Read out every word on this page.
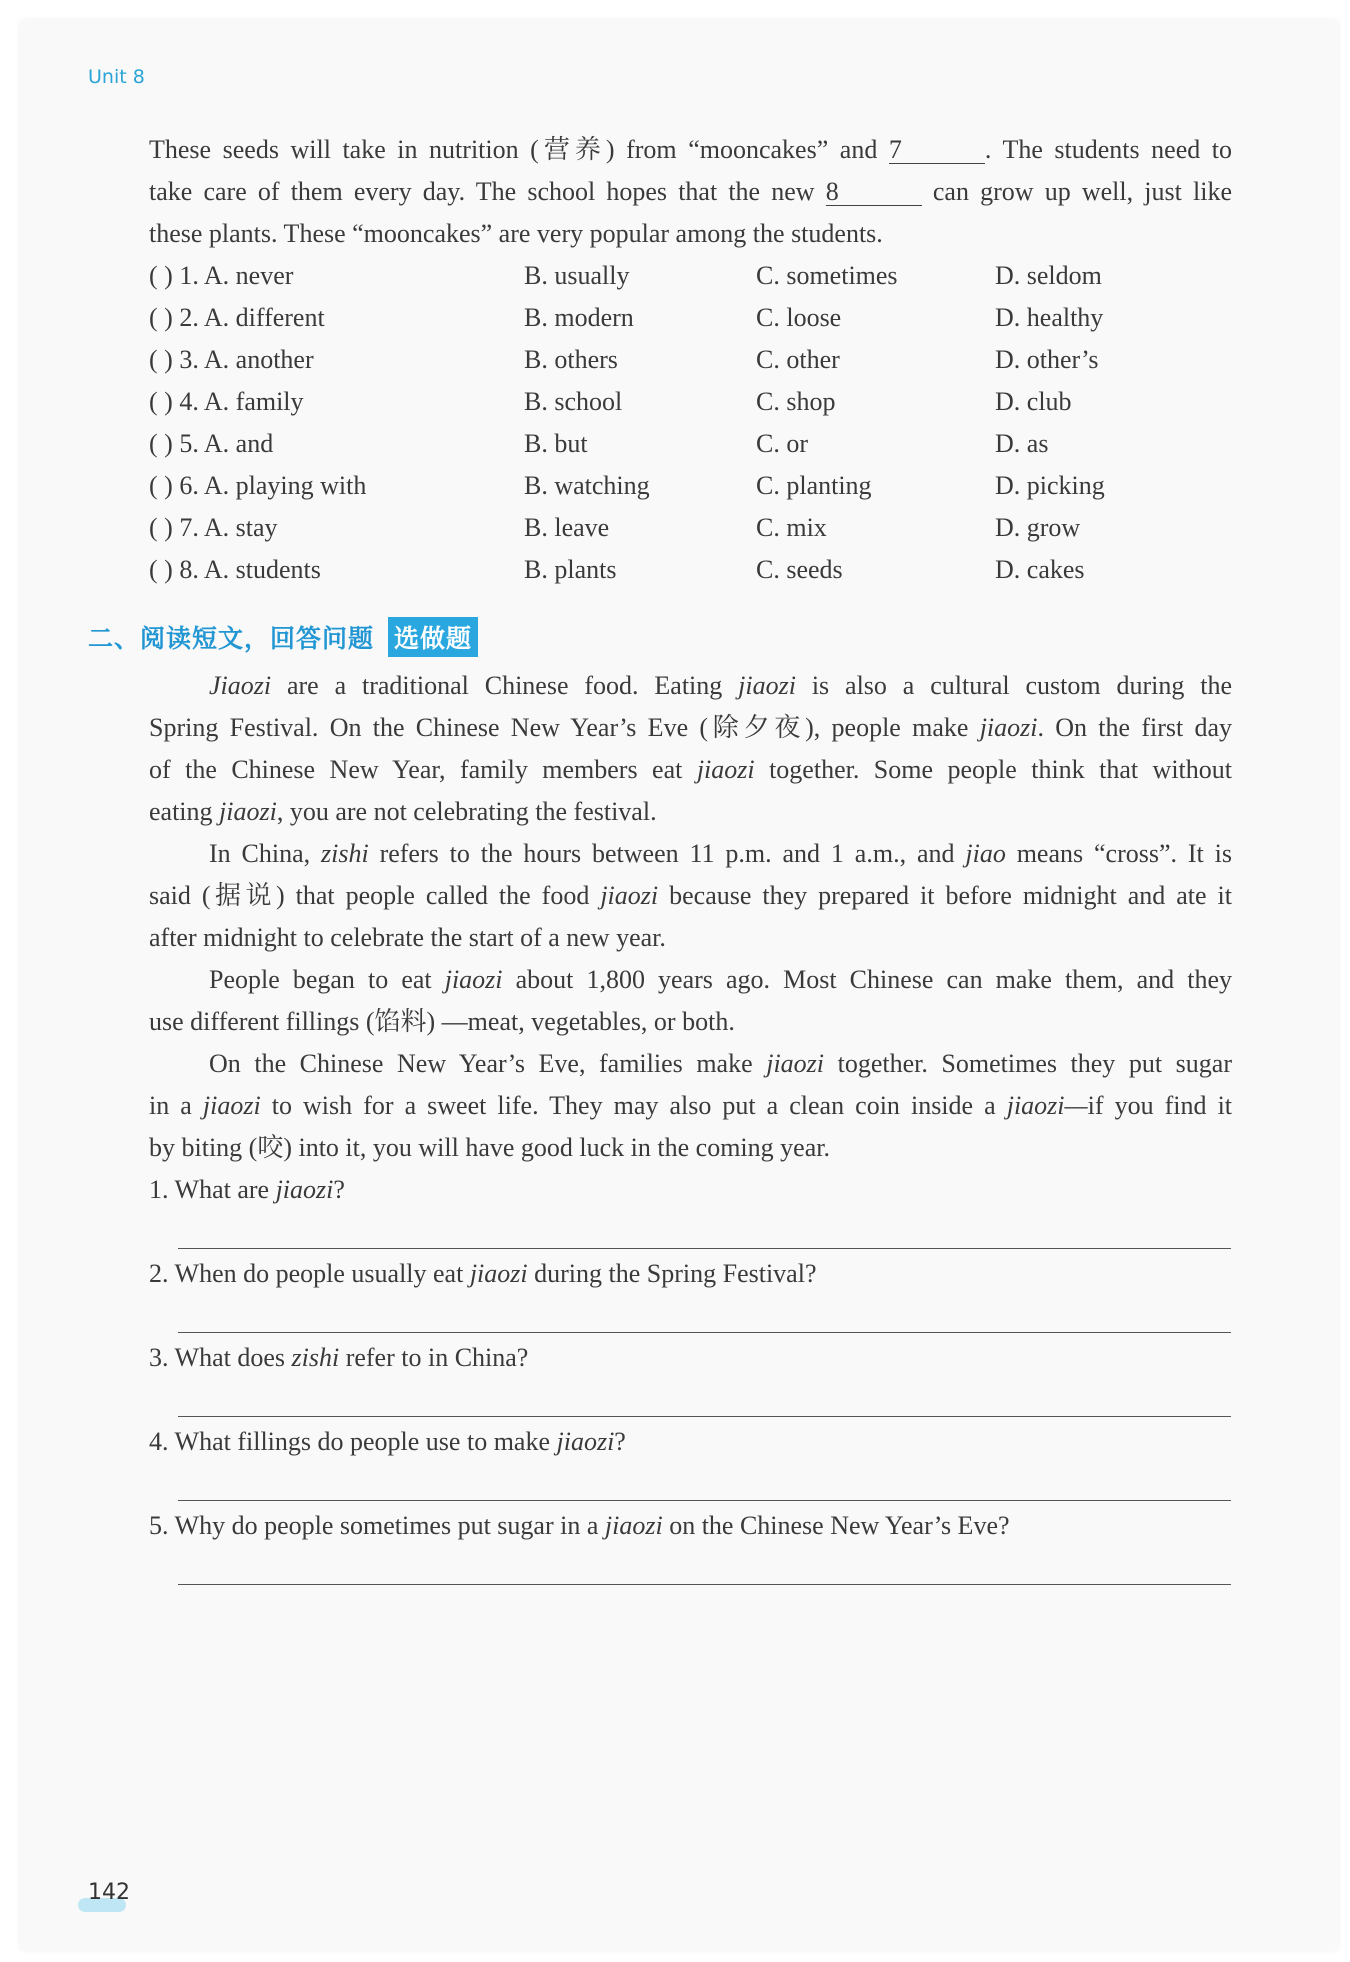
Unit 8
These seeds will take in nutrition (营养) from “mooncakes” and 7	. The students need to
take care of them every day. The school hopes that the new 8	can grow up well, just like
these plants. These “mooncakes” are very popular among the students.
( ) 1. A. never	B. usually	C. sometimes	D. seldom
( ) 2. A. different	B. modern	C. loose	D. healthy
( ) 3. A. another	B. others	C. other	D. other’s
( ) 4. A. family	B. school	C. shop	D. club
( ) 5. A. and	B. but	C. or	D. as
( ) 6. A. playing with	B. watching	C. planting	D. picking
( ) 7. A. stay	B. leave	C. mix	D. grow
( ) 8. A. students	B. plants	C. seeds	D. cakes
Jiaozi are a traditional Chinese food. Eating jiaozi is also a cultural custom during the
Spring Festival. On the Chinese New Year’s Eve (除夕夜), people make jiaozi. On the first day
of the Chinese New Year, family members eat jiaozi together. Some people think that without
eating jiaozi, you are not celebrating the festival.
In China, zishi refers to the hours between 11 p.m. and 1 a.m., and jiao means “cross”. It is
said (据说) that people called the food jiaozi because they prepared it before midnight and ate it
after midnight to celebrate the start of a new year.
People began to eat jiaozi about 1,800 years ago. Most Chinese can make them, and they
use different fillings (馅料) —meat, vegetables, or both.
On the Chinese New Year’s Eve, families make jiaozi together. Sometimes they put sugar
in a jiaozi to wish for a sweet life. They may also put a clean coin inside a jiaozi—if you find it
by biting (咬) into it, you will have good luck in the coming year.
1. What are jiaozi?
2. When do people usually eat jiaozi during the Spring Festival?
3. What does zishi refer to in China?
4. What fillings do people use to make jiaozi?
5. Why do people sometimes put sugar in a jiaozi on the Chinese New Year’s Eve?
二、阅读短文，回答问题 选做题
142
